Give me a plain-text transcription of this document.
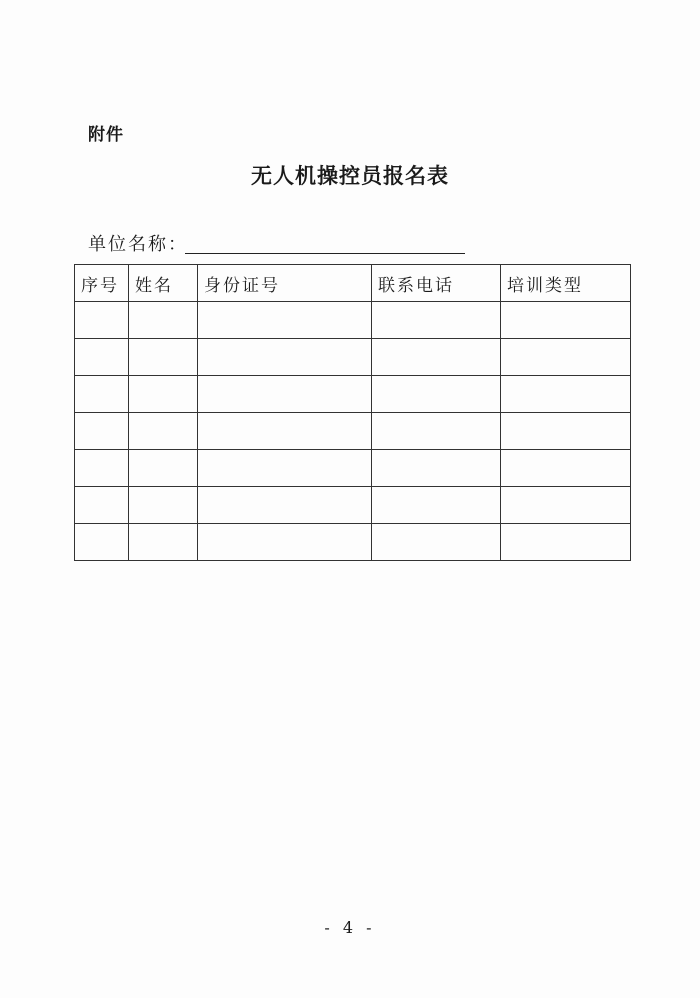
附件
无人机操控员报名表
单位名称：
序号	姓名	身份证号	联系电话	培训类型

- 4 -
